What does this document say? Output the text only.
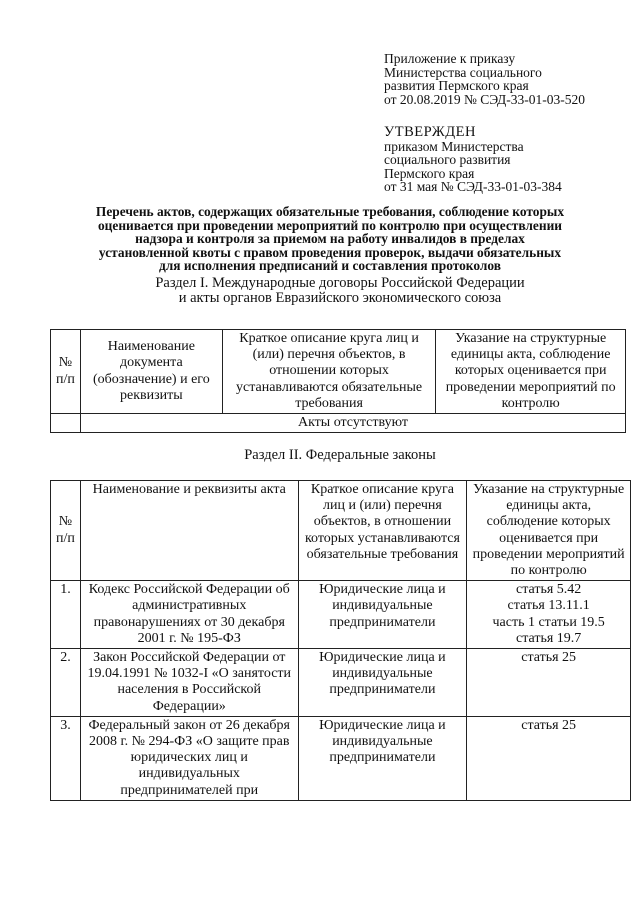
Приложение к приказу
Министерства социального
развития Пермского края
от 20.08.2019 № СЭД-33-01-03-520
УТВЕРЖДЕН
приказом Министерства
социального развития
Пермского края
от 31 мая № СЭД-33-01-03-384
Перечень актов, содержащих обязательные требования, соблюдение которых
оценивается при проведении мероприятий по контролю при осуществлении
надзора и контроля за приемом на работу инвалидов в пределах
установленной квоты с правом проведения проверок, выдачи обязательных
для исполнения предписаний и составления протоколов
Раздел I. Международные договоры Российской Федерации
и акты органов Евразийского экономического союза
№ п/п	Наименование документа (обозначение) и его реквизиты	Краткое описание круга лиц и (или) перечня объектов, в отношении которых устанавливаются обязательные требования	Указание на структурные единицы акта, соблюдение которых оценивается при проведении мероприятий по контролю
	Акты отсутствуют		
Раздел II. Федеральные законы
№ п/п	Наименование и реквизиты акта	Краткое описание круга лиц и (или) перечня объектов, в отношении которых устанавливаются обязательные требования	Указание на структурные единицы акта, соблюдение которых оценивается при проведении мероприятий по контролю
1.	Кодекс Российской Федерации об административных правонарушениях от 30 декабря 2001 г. № 195-ФЗ	Юридические лица и индивидуальные предприниматели	статья 5.42
статья 13.11.1
часть 1 статьи 19.5
статья 19.7

2.	Закон Российской Федерации от 19.04.1991 № 1032-I «О занятости населения в Российской Федерации»	Юридические лица и индивидуальные предприниматели	статья 25

3.	Федеральный закон от 26 декабря 2008 г. № 294-ФЗ «О защите прав юридических лиц и индивидуальных предпринимателей при	Юридические лица и индивидуальные предприниматели	статья 25
